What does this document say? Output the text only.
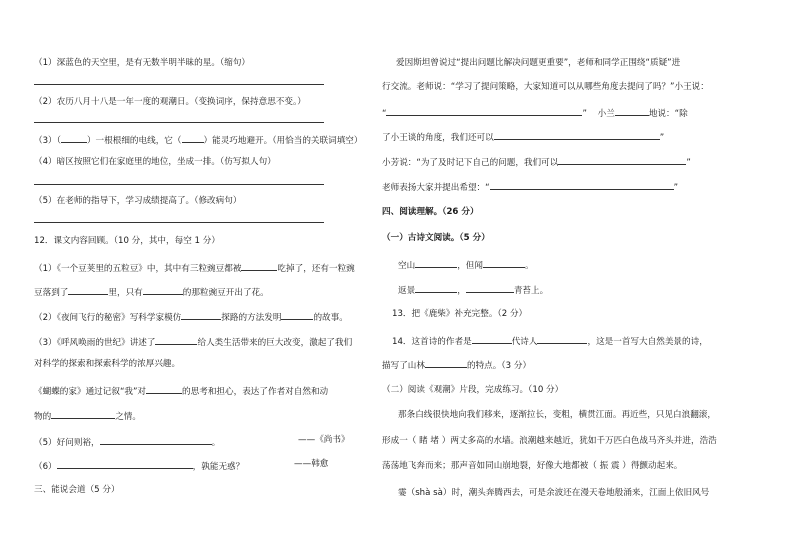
（1）深蓝色的天空里，是有无数半明半昧的星。（缩句）
（2）农历八月十八是一年一度的观潮日。（变换词序，保持意思不变。）
（3）（	）一根根细的电线，它（	）能灵巧地避开。（用恰当的关联词填空）
（4）暗区按照它们在家庭里的地位，坐成一排。（仿写拟人句）
（5）在老师的指导下，学习成绩提高了。（修改病句）
12．课文内容回顾。（10 分，其中，每空 1 分）
（1）《一个豆荚里的五粒豆》中，其中有三粒豌豆都被	吃掉了，还有一粒豌
豆落到了	里，只有	的那粒豌豆开出了花。
（2）《夜间飞行的秘密》写科学家模仿	探路的方法发明	的故事。
（3）《呼风唤雨的世纪》讲述了	给人类生活带来的巨大改变，激起了我们
对科学的探索和探索科学的浓厚兴趣。
《蝴蝶的家》通过记叙“我”对	的思考和担心，表达了作者对自然和动
物的	之情。
（5）好问则裕，	。	——《尚书》
（6）	，孰能无惑？	——韩愈
三、能说会道（5 分）
爱因斯坦曾说过“提出问题比解决问题更重要”，老师和同学正围绕“质疑”进
行交流。老师说：“学习了提问策略，大家知道可以从哪些角度去提问了吗？”小王说：
“	” 小兰	地说：“除
了小王谈的角度，我们还可以	”
小芳说：“为了及时记下自己的问题，我们可以	”
老师表扬大家并提出希望：“	”
四、阅读理解。（26 分）
（一）古诗文阅读。（5 分）
空山	，但闻	。
返景	，	青苔上。
13．把《鹿柴》补充完整。（2 分）
14．这首诗的作者是	代诗人	，这是一首写大自然美景的诗，
描写了山林	的特点。（3 分）
（二）阅读《观潮》片段，完成练习。（10 分）
那条白线很快地向我们移来，逐渐拉长，变粗，横贯江面。再近些，只见白浪翻滚，
形成一（ 睹 堵 ）两丈多高的水墙。浪潮越来越近，犹如千万匹白色战马齐头并进，浩浩
荡荡地飞奔而来；那声音如同山崩地裂，好像大地都被（ 振 震 ）得颤动起来。
霎（shà sà）时，潮头奔腾西去，可是余波还在漫天卷地般涌来，江面上依旧风号
